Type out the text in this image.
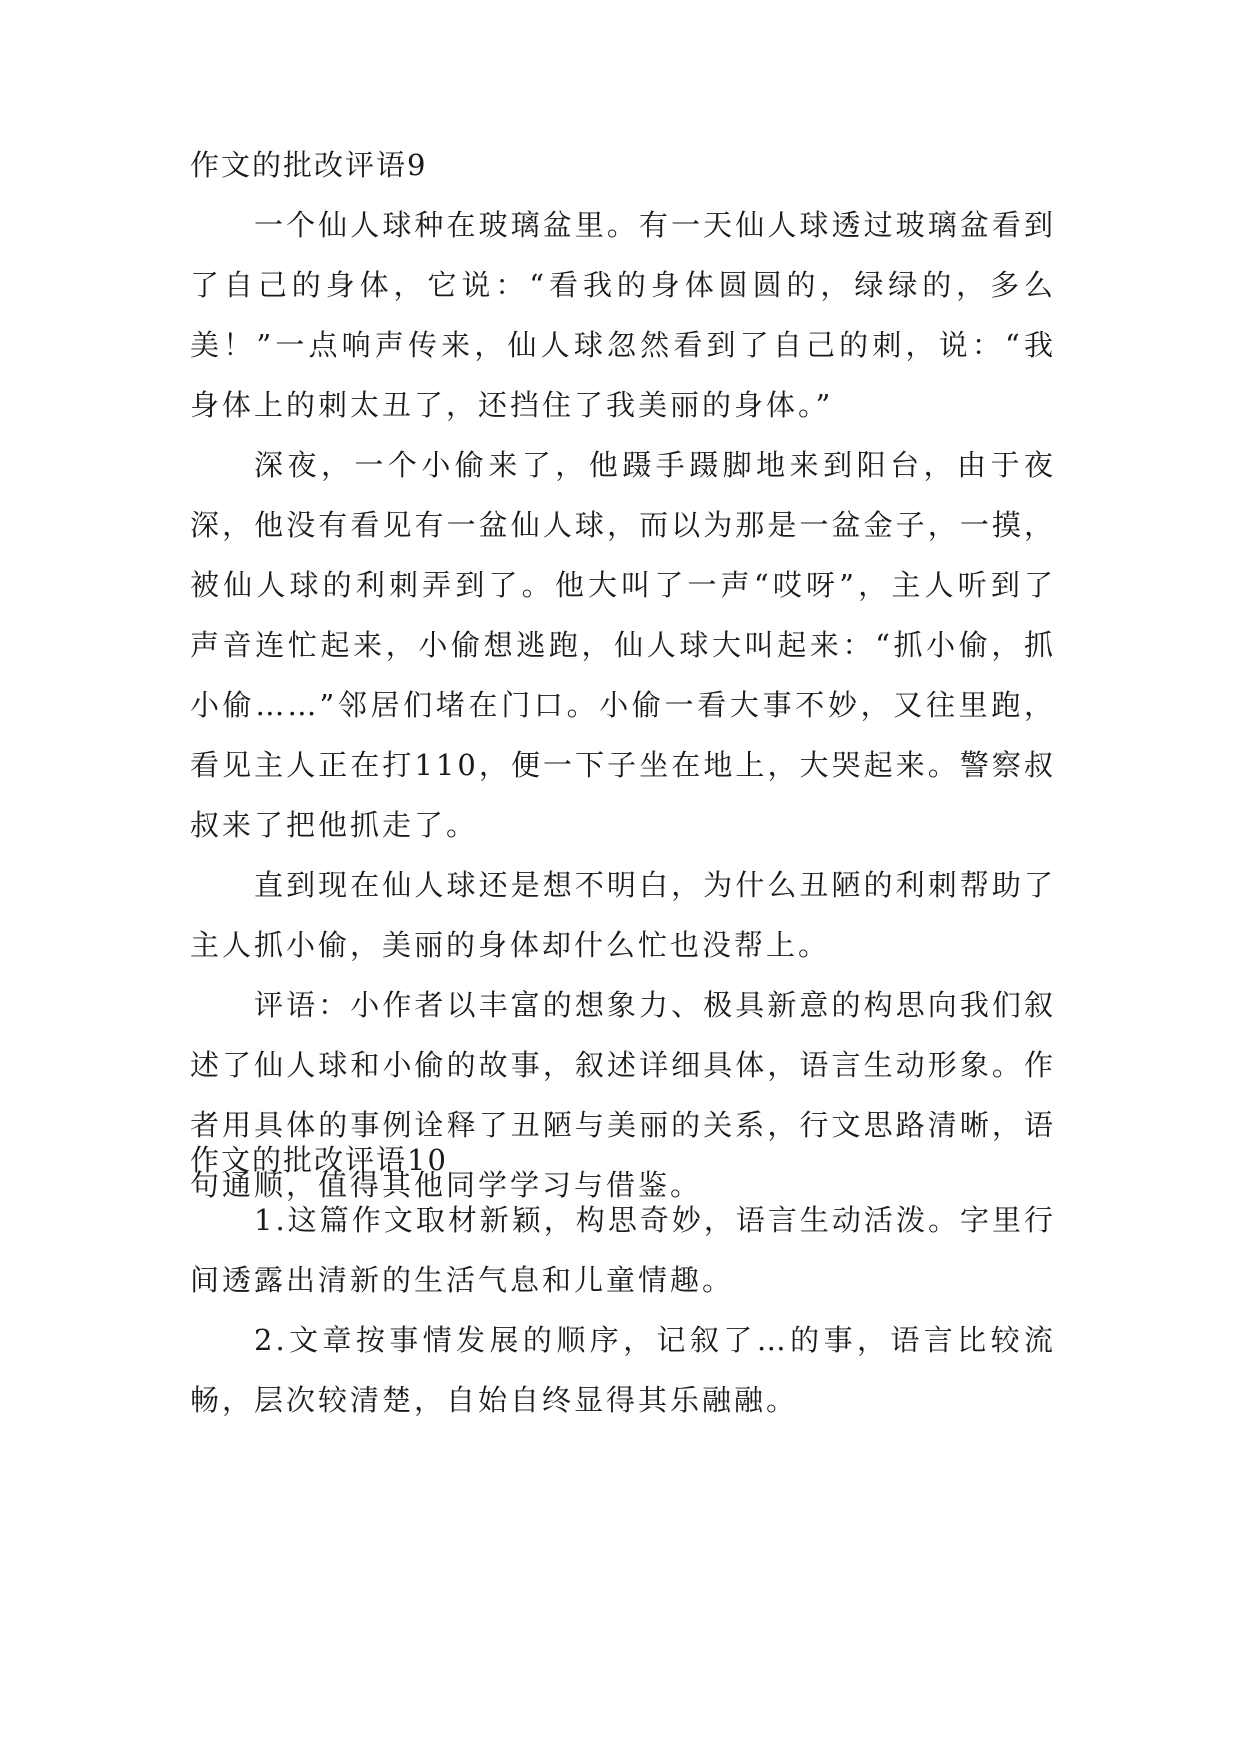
作文的批改评语9

一个仙人球种在玻璃盆里。有一天仙人球透过玻璃盆看到了自己的身体，它说：“看我的身体圆圆的，绿绿的，多么美！”一点响声传来，仙人球忽然看到了自己的刺，说：“我身体上的刺太丑了，还挡住了我美丽的身体。”

深夜，一个小偷来了，他蹑手蹑脚地来到阳台，由于夜深，他没有看见有一盆仙人球，而以为那是一盆金子，一摸，被仙人球的利刺弄到了。他大叫了一声“哎呀”，主人听到了声音连忙起来，小偷想逃跑，仙人球大叫起来：“抓小偷，抓小偷……”邻居们堵在门口。小偷一看大事不妙，又往里跑，看见主人正在打110，便一下子坐在地上，大哭起来。警察叔叔来了把他抓走了。

直到现在仙人球还是想不明白，为什么丑陋的利刺帮助了主人抓小偷，美丽的身体却什么忙也没帮上。

评语：小作者以丰富的想象力、极具新意的构思向我们叙述了仙人球和小偷的故事，叙述详细具体，语言生动形象。作者用具体的事例诠释了丑陋与美丽的关系，行文思路清晰，语句通顺，值得其他同学学习与借鉴。

作文的批改评语10

1.这篇作文取材新颖，构思奇妙，语言生动活泼。字里行间透露出清新的生活气息和儿童情趣。

2.文章按事情发展的顺序，记叙了…的事，语言比较流畅，层次较清楚，自始自终显得其乐融融。
